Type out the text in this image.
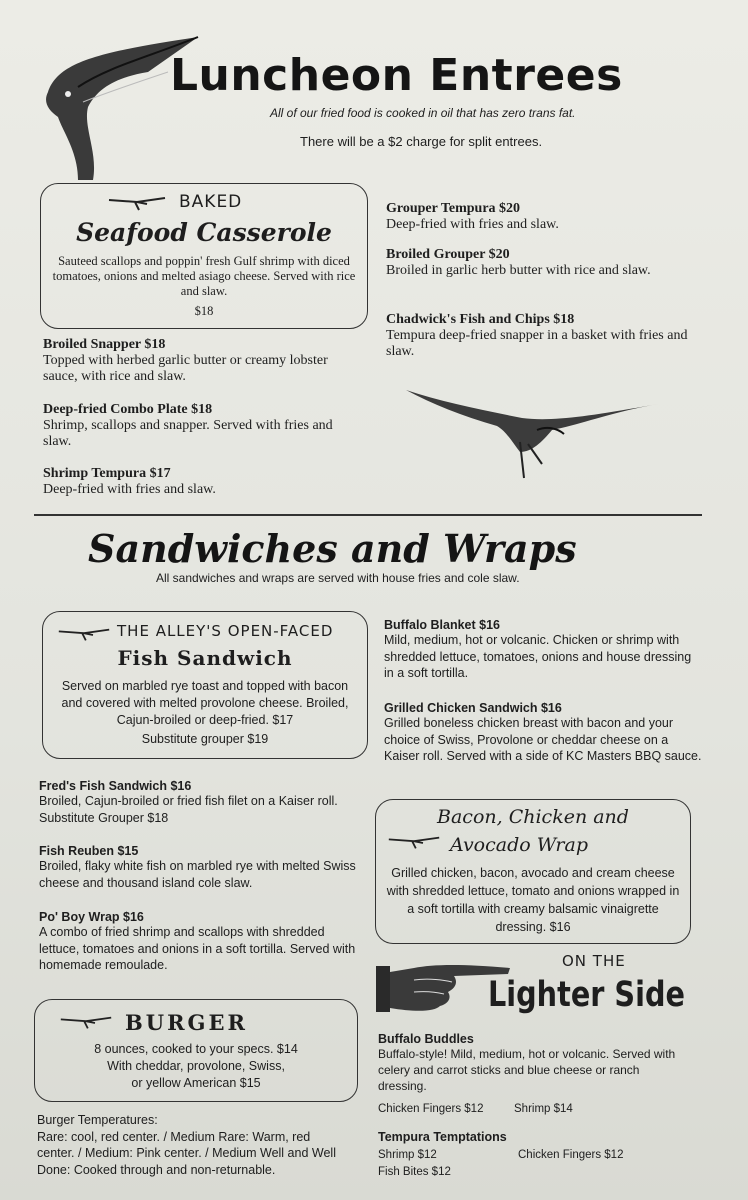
Luncheon Entrees
All of our fried food is cooked in oil that has zero trans fat.
There will be a $2 charge for split entrees.
BAKED
Seafood Casserole
Sauteed scallops and poppin' fresh Gulf shrimp with diced tomatoes, onions and melted asiago cheese. Served with rice and slaw.
$18
Broiled Snapper $18
Topped with herbed garlic butter or creamy lobster sauce, with rice and slaw.
Deep-fried Combo Plate $18
Shrimp, scallops and snapper. Served with fries and slaw.
Shrimp Tempura $17
Deep-fried with fries and slaw.
Grouper Tempura $20
Deep-fried with fries and slaw.
Broiled Grouper $20
Broiled in garlic herb butter with rice and slaw.
Chadwick's Fish and Chips $18
Tempura deep-fried snapper in a basket with fries and slaw.
Sandwiches and Wraps
All sandwiches and wraps are served with house fries and cole slaw.
THE ALLEY'S OPEN-FACED
Fish Sandwich
Served on marbled rye toast and topped with bacon and covered with melted provolone cheese. Broiled, Cajun-broiled or deep-fried. $17
Substitute grouper $19
Fred's Fish Sandwich $16
Broiled, Cajun-broiled or fried fish filet on a Kaiser roll. Substitute Grouper $18
Fish Reuben $15
Broiled, flaky white fish on marbled rye with melted Swiss cheese and thousand island cole slaw.
Po' Boy Wrap $16
A combo of fried shrimp and scallops with shredded lettuce, tomatoes and onions in a soft tortilla. Served with homemade remoulade.
Buffalo Blanket $16
Mild, medium, hot or volcanic. Chicken or shrimp with shredded lettuce, tomatoes, onions and house dressing in a soft tortilla.
Grilled Chicken Sandwich $16
Grilled boneless chicken breast with bacon and your choice of Swiss, Provolone or cheddar cheese on a Kaiser roll. Served with a side of KC Masters BBQ sauce.
Bacon, Chicken and
Avocado Wrap
Grilled chicken, bacon, avocado and cream cheese with shredded lettuce, tomato and onions wrapped in a soft tortilla with creamy balsamic vinaigrette dressing. $16
BURGER
8 ounces, cooked to your specs. $14
With cheddar, provolone, Swiss,
or yellow American $15
Burger Temperatures:
Rare: cool, red center. / Medium Rare: Warm, red center. / Medium: Pink center. / Medium Well and Well Done: Cooked through and non-returnable.
ON THE
Lighter Side
Buffalo Buddles
Buffalo-style! Mild, medium, hot or volcanic. Served with celery and carrot sticks and blue cheese or ranch dressing.
Chicken Fingers $12	Shrimp $14
Tempura Temptations
Shrimp $12	Chicken Fingers $12
Fish Bites $12
